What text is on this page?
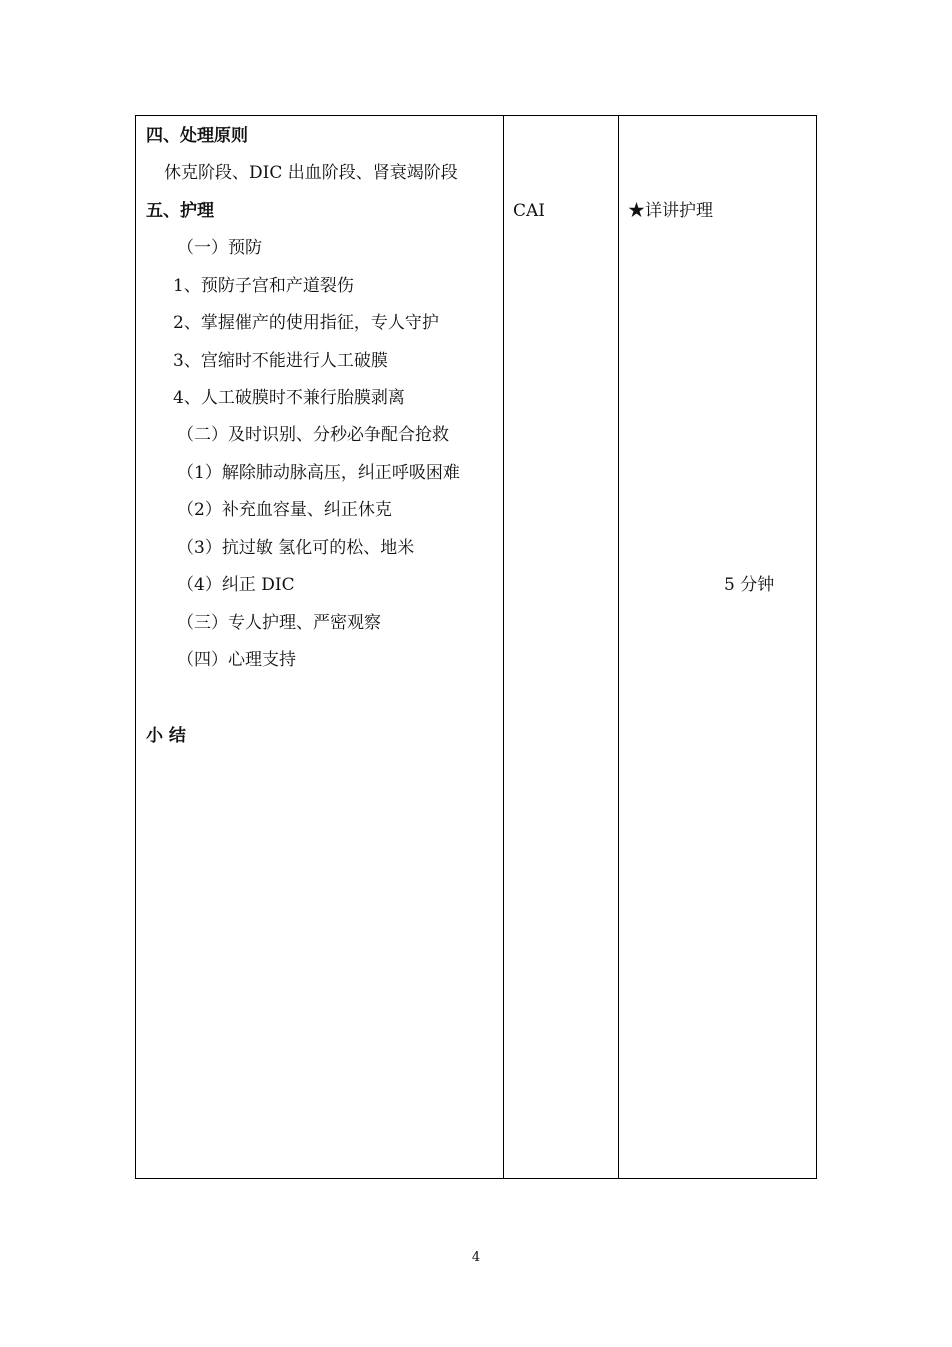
四、处理原则
休克阶段、DIC 出血阶段、肾衰竭阶段
五、护理
（一）预防
1、预防子宫和产道裂伤
2、掌握催产的使用指征，专人守护
3、宫缩时不能进行人工破膜
4、人工破膜时不兼行胎膜剥离
（二）及时识别、分秒必争配合抢救
（1）解除肺动脉高压，纠正呼吸困难
（2）补充血容量、纠正休克
（3）抗过敏 氢化可的松、地米
（4）纠正 DIC
（三）专人护理、严密观察
（四）心理支持
小 结
CAI	★详讲护理
5 分钟
4
